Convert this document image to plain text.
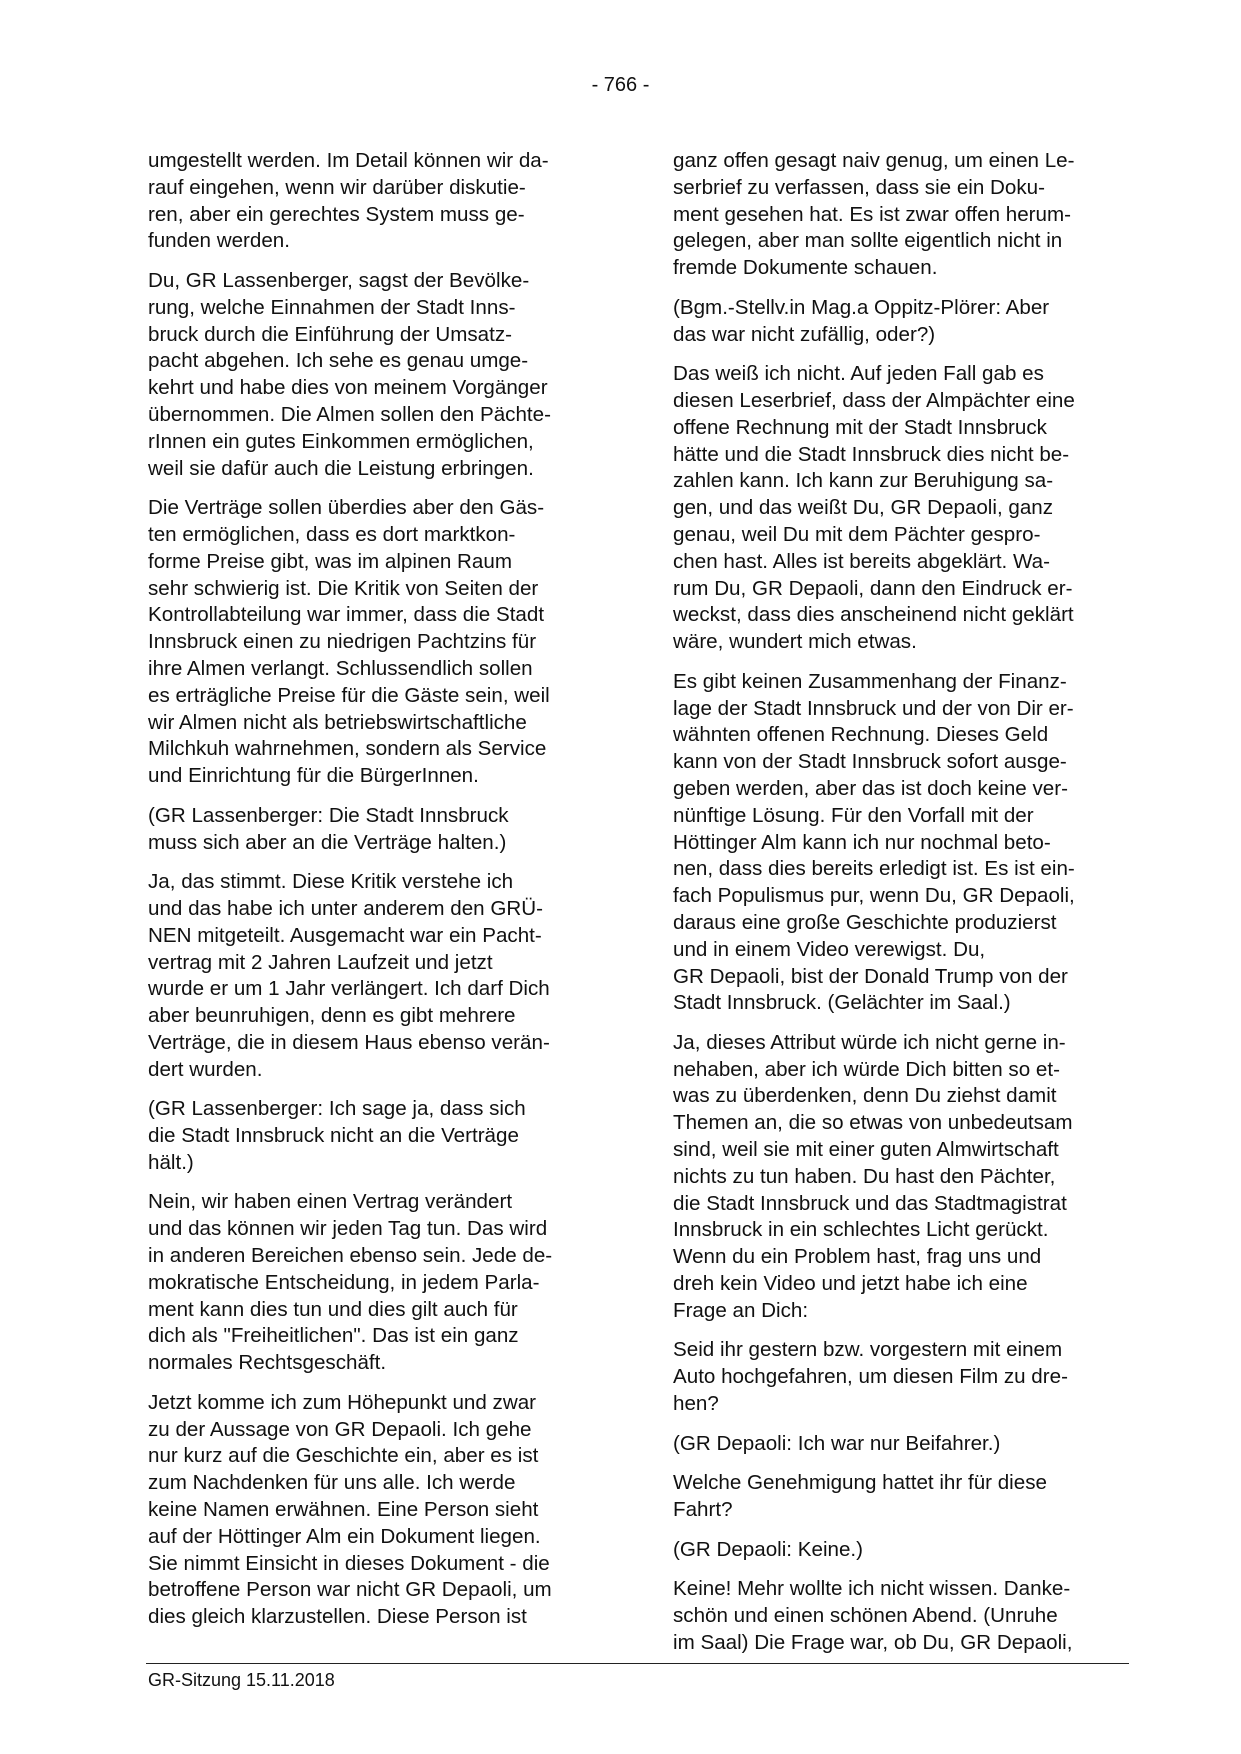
- 766 -
umgestellt werden. Im Detail können wir da-
rauf eingehen, wenn wir darüber diskutie-
ren, aber ein gerechtes System muss ge-
funden werden.
Du, GR Lassenberger, sagst der Bevölke-
rung, welche Einnahmen der Stadt Inns-
bruck durch die Einführung der Umsatz-
pacht abgehen. Ich sehe es genau umge-
kehrt und habe dies von meinem Vorgänger
übernommen. Die Almen sollen den Pächte-
rInnen ein gutes Einkommen ermöglichen,
weil sie dafür auch die Leistung erbringen.
Die Verträge sollen überdies aber den Gäs-
ten ermöglichen, dass es dort marktkon-
forme Preise gibt, was im alpinen Raum
sehr schwierig ist. Die Kritik von Seiten der
Kontrollabteilung war immer, dass die Stadt
Innsbruck einen zu niedrigen Pachtzins für
ihre Almen verlangt. Schlussendlich sollen
es erträgliche Preise für die Gäste sein, weil
wir Almen nicht als betriebswirtschaftliche
Milchkuh wahrnehmen, sondern als Service
und Einrichtung für die BürgerInnen.
(GR Lassenberger: Die Stadt Innsbruck
muss sich aber an die Verträge halten.)
Ja, das stimmt. Diese Kritik verstehe ich
und das habe ich unter anderem den GRÜ-
NEN mitgeteilt. Ausgemacht war ein Pacht-
vertrag mit 2 Jahren Laufzeit und jetzt
wurde er um 1 Jahr verlängert. Ich darf Dich
aber beunruhigen, denn es gibt mehrere
Verträge, die in diesem Haus ebenso verän-
dert wurden.
(GR Lassenberger: Ich sage ja, dass sich
die Stadt Innsbruck nicht an die Verträge
hält.)
Nein, wir haben einen Vertrag verändert
und das können wir jeden Tag tun. Das wird
in anderen Bereichen ebenso sein. Jede de-
mokratische Entscheidung, in jedem Parla-
ment kann dies tun und dies gilt auch für
dich als "Freiheitlichen". Das ist ein ganz
normales Rechtsgeschäft.
Jetzt komme ich zum Höhepunkt und zwar
zu der Aussage von GR Depaoli. Ich gehe
nur kurz auf die Geschichte ein, aber es ist
zum Nachdenken für uns alle. Ich werde
keine Namen erwähnen. Eine Person sieht
auf der Höttinger Alm ein Dokument liegen.
Sie nimmt Einsicht in dieses Dokument - die
betroffene Person war nicht GR Depaoli, um
dies gleich klarzustellen. Diese Person ist
ganz offen gesagt naiv genug, um einen Le-
serbrief zu verfassen, dass sie ein Doku-
ment gesehen hat. Es ist zwar offen herum-
gelegen, aber man sollte eigentlich nicht in
fremde Dokumente schauen.
(Bgm.-Stellv.in Mag.a Oppitz-Plörer: Aber
das war nicht zufällig, oder?)
Das weiß ich nicht. Auf jeden Fall gab es
diesen Leserbrief, dass der Almpächter eine
offene Rechnung mit der Stadt Innsbruck
hätte und die Stadt Innsbruck dies nicht be-
zahlen kann. Ich kann zur Beruhigung sa-
gen, und das weißt Du, GR Depaoli, ganz
genau, weil Du mit dem Pächter gespro-
chen hast. Alles ist bereits abgeklärt. Wa-
rum Du, GR Depaoli, dann den Eindruck er-
weckst, dass dies anscheinend nicht geklärt
wäre, wundert mich etwas.
Es gibt keinen Zusammenhang der Finanz-
lage der Stadt Innsbruck und der von Dir er-
wähnten offenen Rechnung. Dieses Geld
kann von der Stadt Innsbruck sofort ausge-
geben werden, aber das ist doch keine ver-
nünftige Lösung. Für den Vorfall mit der
Höttinger Alm kann ich nur nochmal beto-
nen, dass dies bereits erledigt ist. Es ist ein-
fach Populismus pur, wenn Du, GR Depaoli,
daraus eine große Geschichte produzierst
und in einem Video verewigst. Du,
GR Depaoli, bist der Donald Trump von der
Stadt Innsbruck. (Gelächter im Saal.)
Ja, dieses Attribut würde ich nicht gerne in-
nehaben, aber ich würde Dich bitten so et-
was zu überdenken, denn Du ziehst damit
Themen an, die so etwas von unbedeutsam
sind, weil sie mit einer guten Almwirtschaft
nichts zu tun haben. Du hast den Pächter,
die Stadt Innsbruck und das Stadtmagistrat
Innsbruck in ein schlechtes Licht gerückt.
Wenn du ein Problem hast, frag uns und
dreh kein Video und jetzt habe ich eine
Frage an Dich:
Seid ihr gestern bzw. vorgestern mit einem
Auto hochgefahren, um diesen Film zu dre-
hen?
(GR Depaoli: Ich war nur Beifahrer.)
Welche Genehmigung hattet ihr für diese
Fahrt?
(GR Depaoli: Keine.)
Keine! Mehr wollte ich nicht wissen. Danke-
schön und einen schönen Abend. (Unruhe
im Saal) Die Frage war, ob Du, GR Depaoli,
GR-Sitzung 15.11.2018
